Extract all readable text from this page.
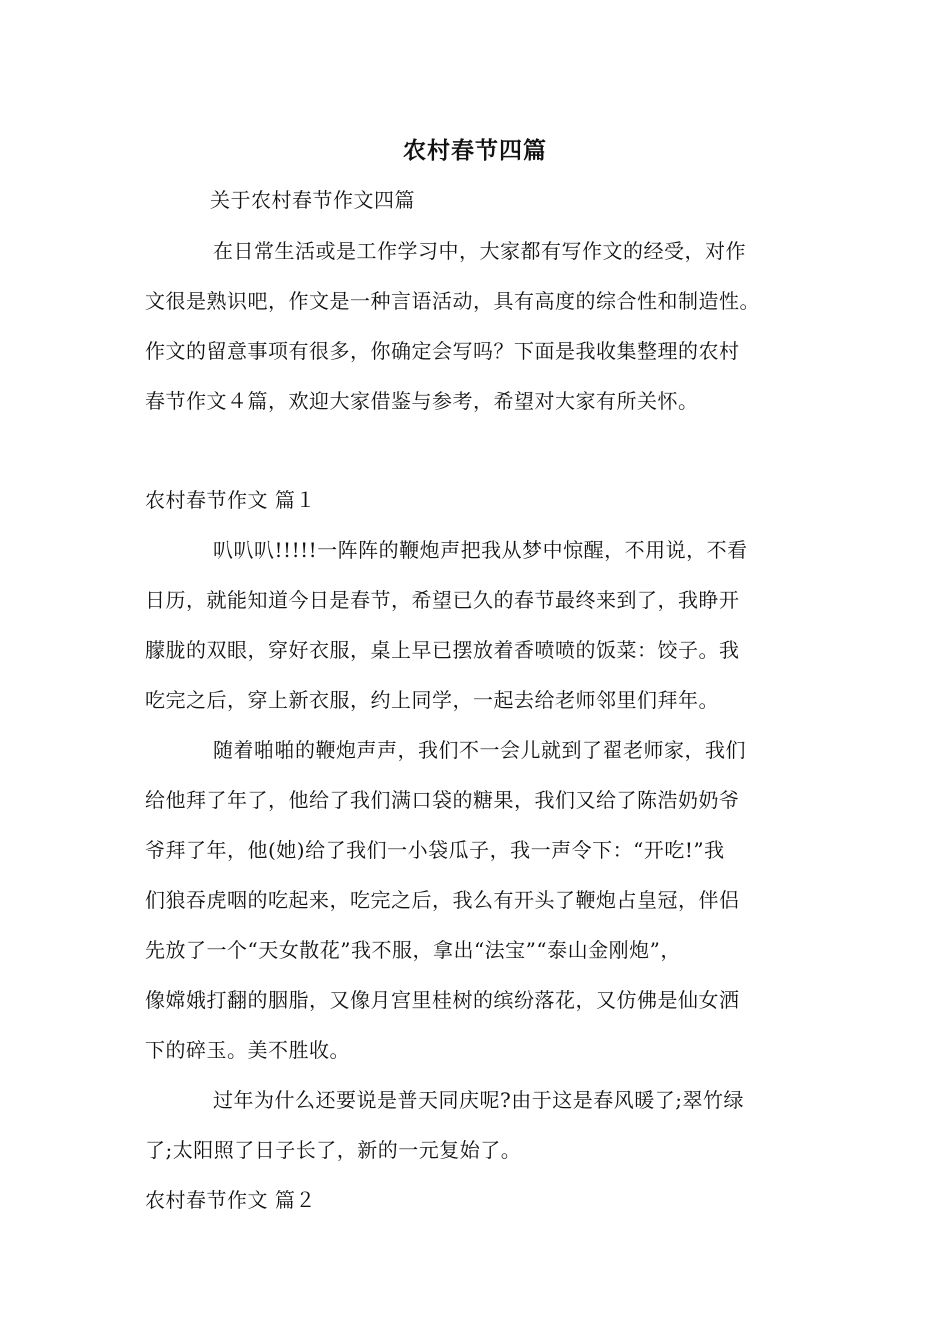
农村春节四篇
关于农村春节作文四篇
在日常生活或是工作学习中，大家都有写作文的经受，对作
文很是熟识吧，作文是一种言语活动，具有高度的综合性和制造性。
作文的留意事项有很多，你确定会写吗？下面是我收集整理的农村
春节作文４篇，欢迎大家借鉴与参考，希望对大家有所关怀。
农村春节作文 篇１
叭叭叭!!!!!一阵阵的鞭炮声把我从梦中惊醒，不用说，不看
日历，就能知道今日是春节，希望已久的春节最终来到了，我睁开
朦胧的双眼，穿好衣服，桌上早已摆放着香喷喷的饭菜：饺子。我
吃完之后，穿上新衣服，约上同学，一起去给老师邻里们拜年。
随着啪啪的鞭炮声声，我们不一会儿就到了翟老师家，我们
给他拜了年了，他给了我们满口袋的糖果，我们又给了陈浩奶奶爷
爷拜了年，他(她)给了我们一小袋瓜子，我一声令下：“开吃!”我
们狼吞虎咽的吃起来，吃完之后，我么有开头了鞭炮占皇冠，伴侣
先放了一个“天女散花”我不服，拿出“法宝”“泰山金刚炮”，
像嫦娥打翻的胭脂，又像月宫里桂树的缤纷落花，又仿佛是仙女洒
下的碎玉。美不胜收。
过年为什么还要说是普天同庆呢?由于这是春风暖了;翠竹绿
了;太阳照了日子长了，新的一元复始了。
农村春节作文 篇２
